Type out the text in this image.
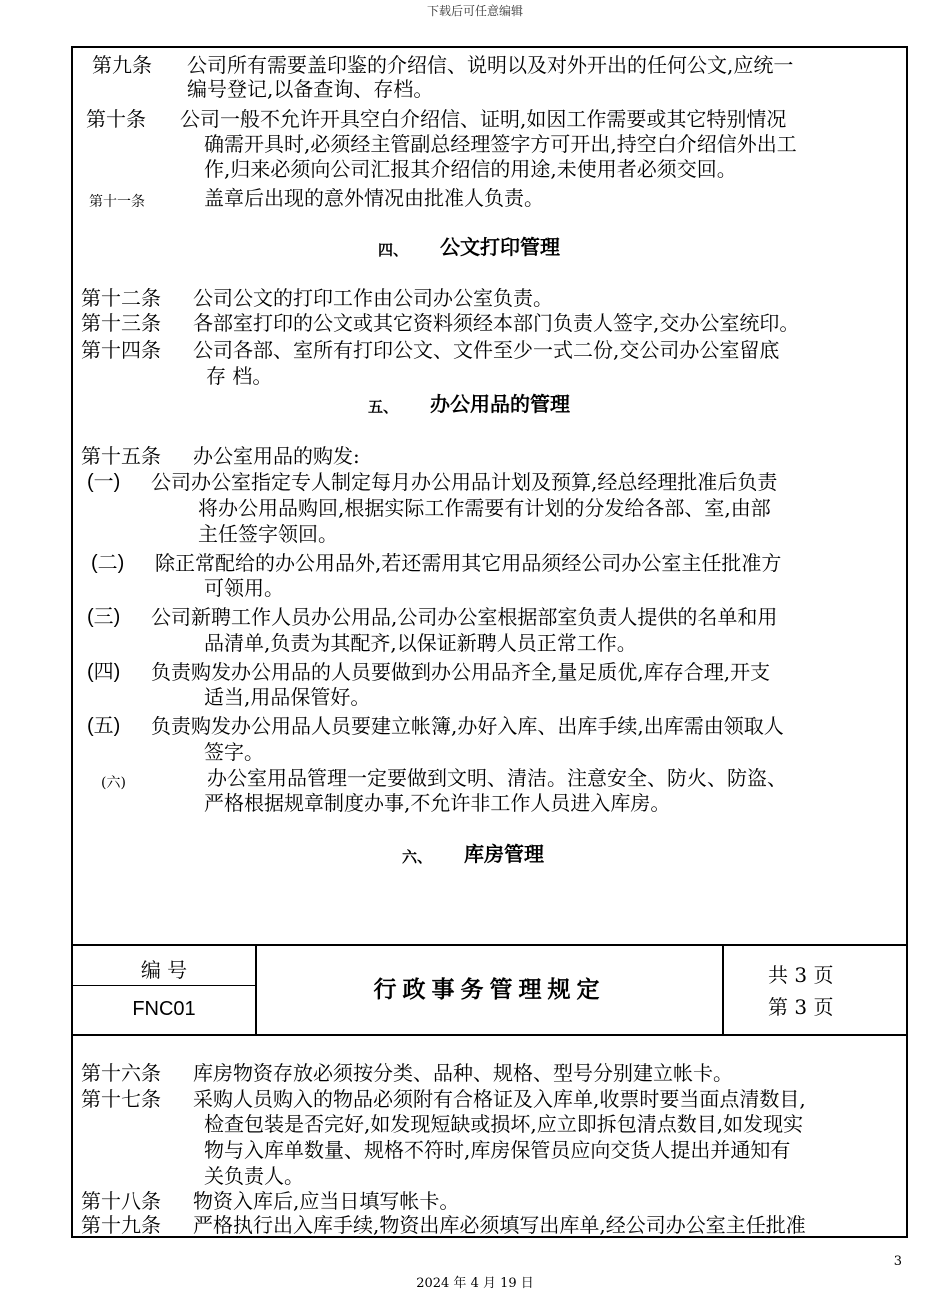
下载后可任意编辑
第九条 公司所有需要盖印鉴的介绍信、说明以及对外开出的任何公文,应统一
编号登记,以备查询、存档。
第十条 公司一般不允许开具空白介绍信、证明,如因工作需要或其它特别情况
确需开具时,必须经主管副总经理签字方可开出,持空白介绍信外出工
作,归来必须向公司汇报其介绍信的用途,未使用者必须交回。
第十一条	盖章后出现的意外情况由批准人负责。
四、 公文打印管理
第十二条 公司公文的打印工作由公司办公室负责。
第十三条 各部室打印的公文或其它资料须经本部门负责人签字,交办公室统印。
第十四条 公司各部、室所有打印公文、文件至少一式二份,交公司办公室留底
存 档。
五、 办公用品的管理
第十五条 办公室用品的购发:
(一) 公司办公室指定专人制定每月办公用品计划及预算,经总经理批准后负责
将办公用品购回,根据实际工作需要有计划的分发给各部、室,由部
主任签字领回。
(二) 除正常配给的办公用品外,若还需用其它用品须经公司办公室主任批准方
可领用。
(三) 公司新聘工作人员办公用品,公司办公室根据部室负责人提供的名单和用
品清单,负责为其配齐,以保证新聘人员正常工作。
(四) 负责购发办公用品的人员要做到办公用品齐全,量足质优,库存合理,开支
适当,用品保管好。
(五) 负责购发办公用品人员要建立帐簿,办好入库、出库手续,出库需由领取人
签字。
(六)	办公室用品管理一定要做到文明、清洁。注意安全、防火、防盗、
严格根据规章制度办事,不允许非工作人员进入库房。
六、 库房管理
编 号
FNC01
行政事务管理规定
共 3 页
第 3 页
第十六条 库房物资存放必须按分类、品种、规格、型号分别建立帐卡。
第十七条 采购人员购入的物品必须附有合格证及入库单,收票时要当面点清数目,
检查包装是否完好,如发现短缺或损坏,应立即拆包清点数目,如发现实
物与入库单数量、规格不符时,库房保管员应向交货人提出并通知有
关负责人。
第十八条 物资入库后,应当日填写帐卡。
第十九条 严格执行出入库手续,物资出库必须填写出库单,经公司办公室主任批准
3
2024 年 4 月 19 日
